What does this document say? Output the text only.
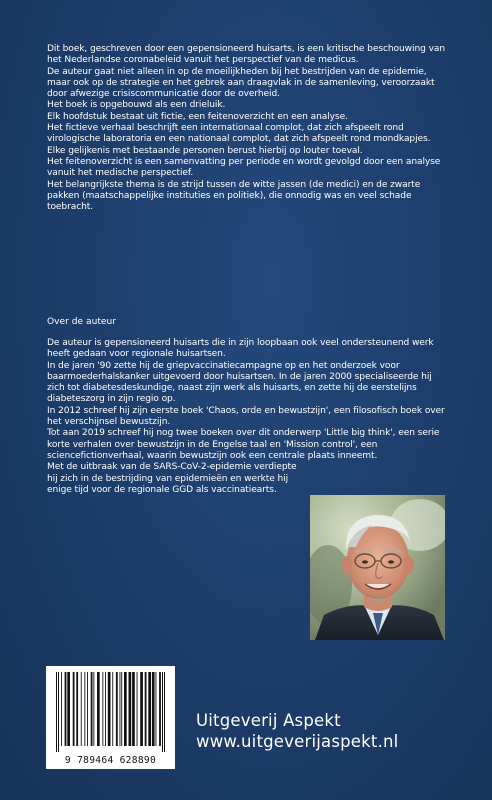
Dit boek, geschreven door een gepensioneerd huisarts, is een kritische beschouwing van het Nederlandse coronabeleid vanuit het perspectief van de medicus.

De auteur gaat niet alleen in op de moeilijkheden bij het bestrijden van de epidemie, maar ook op de strategie en het gebrek aan draagvlak in de samenleving, veroorzaakt door afwezige crisiscommunicatie door de overheid.

Het boek is opgebouwd als een drieluik.

Elk hoofdstuk bestaat uit fictie, een feitenoverzicht en een analyse.

Het fictieve verhaal beschrijft een internationaal complot, dat zich afspeelt rond virologische laboratoria en een nationaal complot, dat zich afspeelt rond mondkapjes. Elke gelijkenis met bestaande personen berust hierbij op louter toeval.

Het feitenoverzicht is een samenvatting per periode en wordt gevolgd door een analyse vanuit het medische perspectief.

Het belangrijkste thema is de strijd tussen de witte jassen (de medici) en de zwarte pakken (maatschappelijke instituties en politiek), die onnodig was en veel schade toebracht.

Over de auteur

De auteur is gepensioneerd huisarts die in zijn loopbaan ook veel ondersteunend werk heeft gedaan voor regionale huisartsen.

In de jaren '90 zette hij de griepvaccinatiecampagne op en het onderzoek voor baarmoederhalskanker uitgevoerd door huisartsen. In de jaren 2000 specialiseerde hij zich tot diabetesdeskundige, naast zijn werk als huisarts, en zette hij de eerstelijns diabeteszorg in zijn regio op.

In 2012 schreef hij zijn eerste boek 'Chaos, orde en bewustzijn', een filosofisch boek over het verschijnsel bewustzijn.

Tot aan 2019 schreef hij nog twee boeken over dit onderwerp 'Little big think', een serie korte verhalen over bewustzijn in de Engelse taal en 'Mission control', een sciencefictionverhaal, waarin bewustzijn ook een centrale plaats inneemt.

Met de uitbraak van de SARS-CoV-2-epidemie verdiepte hij zich in de bestrijding van epidemieën en werkte hij enige tijd voor de regionale GGD als vaccinatiearts.

9 789464 628890
Uitgeverij Aspekt
www.uitgeverijaspekt.nl
